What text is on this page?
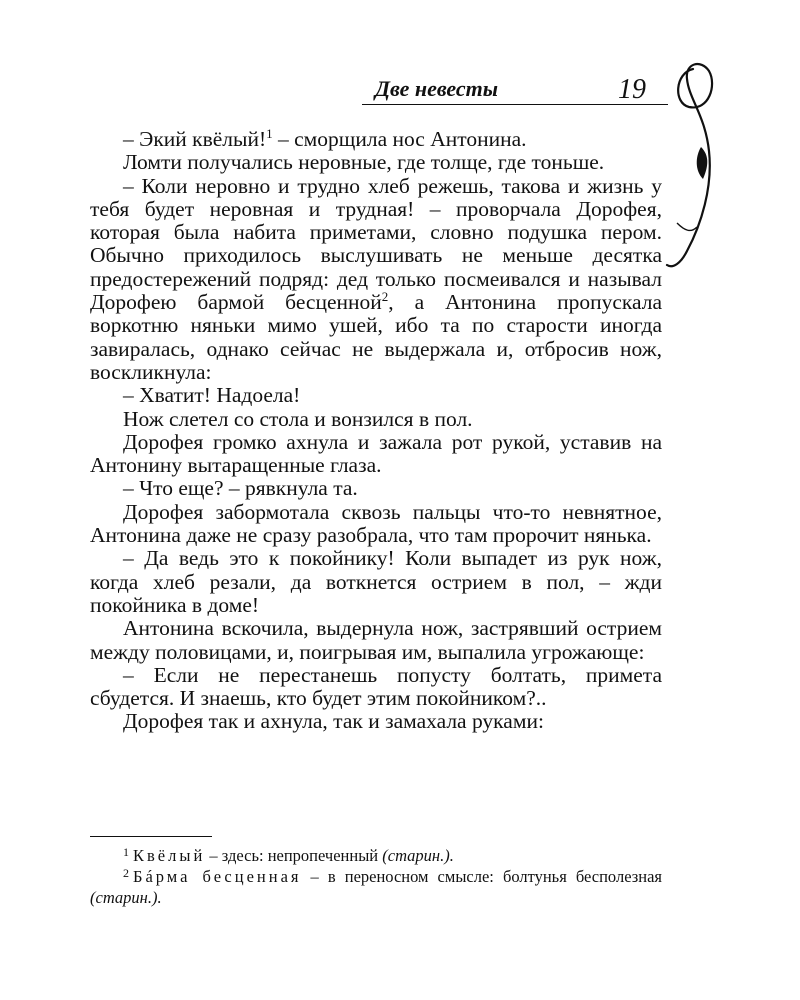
Две невесты	19

– Экий квёлый!$^1$ – сморщила нос Антонина.

Ломти получались неровные, где толще, где тоньше.

– Коли неровно и трудно хлеб режешь, такова и жизнь у тебя будет неровная и трудная! – проворчала Дорофея, которая была набита приметами, словно подушка пером. Обычно приходилось выслушивать не меньше десятка предостережений подряд: дед только посмеивался и называл Дорофею бармой бесценной$^2$, а Антонина пропускала воркотню няньки мимо ушей, ибо та по старости иногда завиралась, однако сейчас не выдержала и, отбросив нож, воскликнула:

– Хватит! Надоела!

Нож слетел со стола и вонзился в пол.

Дорофея громко ахнула и зажала рот рукой, уставив на Антонину вытаращенные глаза.

– Что еще? – рявкнула та.

Дорофея забормотала сквозь пальцы что-то невнятное, Антонина даже не сразу разобрала, что там пророчит нянька.

– Да ведь это к покойнику! Коли выпадет из рук нож, когда хлеб резали, да воткнется острием в пол, – жди покойника в доме!

Антонина вскочила, выдернула нож, застрявший острием между половицами, и, поигрывая им, выпалила угрожающе:

– Если не перестанешь попусту болтать, примета сбудется. И знаешь, кто будет этим покойником?..

Дорофея так и ахнула, так и замахала руками:

$^1$ Квёлый – здесь: непропеченный (старин.).

$^2$ Бáрма бесценная – в переносном смысле: болтунья бесполезная (старин.).
